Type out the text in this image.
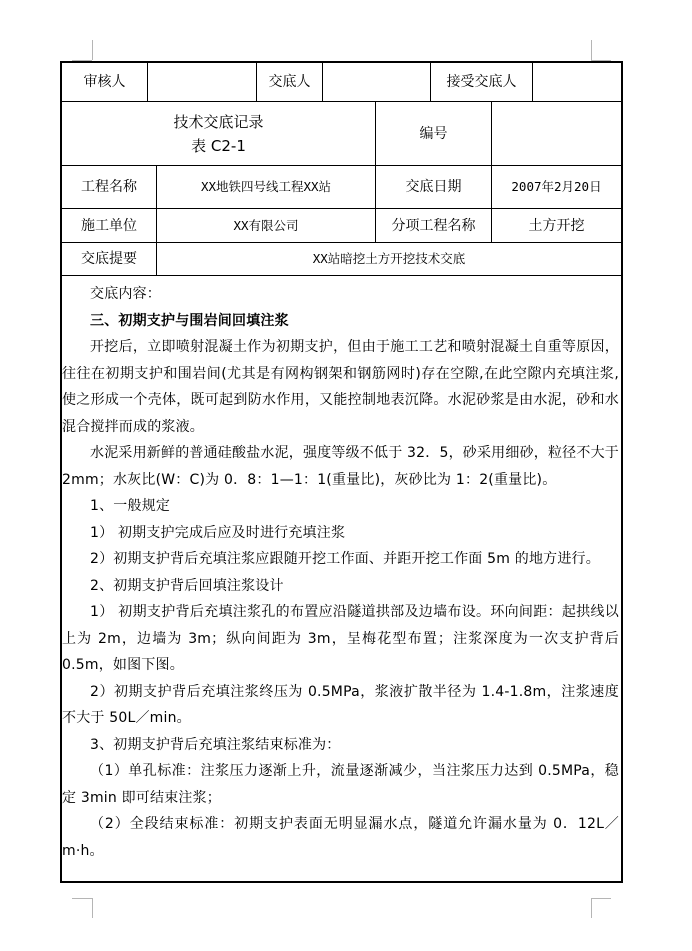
审核人	交底人	接受交底人
技术交底记录
表 C2-1
编号
工程名称	XX地铁四号线工程XX站	交底日期	2007年2月20日
施工单位	XX有限公司	分项工程名称	土方开挖
交底提要	XX站暗挖土方开挖技术交底

交底内容：

三、初期支护与围岩间回填注浆

开挖后，立即喷射混凝土作为初期支护，但由于施工工艺和喷射混凝土自重等原因，往往在初期支护和围岩间(尤其是有网构钢架和钢筋网时)存在空隙,在此空隙内充填注浆,使之形成一个壳体，既可起到防水作用，又能控制地表沉降。水泥砂浆是由水泥，砂和水混合搅拌而成的浆液。

水泥采用新鲜的普通硅酸盐水泥，强度等级不低于 32．5，砂采用细砂，粒径不大于 2mm；水灰比(W：C)为 0．8：1—1：1(重量比)，灰砂比为 1：2(重量比)。

1、一般规定

1） 初期支护完成后应及时进行充填注浆

2）初期支护背后充填注浆应跟随开挖工作面、并距开挖工作面 5m 的地方进行。

2、初期支护背后回填注浆设计

1） 初期支护背后充填注浆孔的布置应沿隧道拱部及边墙布设。环向间距：起拱线以上为 2m，边墙为 3m；纵向间距为 3m，呈梅花型布置；注浆深度为一次支护背后 0.5m，如图下图。

2）初期支护背后充填注浆终压为 0.5MPa，浆液扩散半径为 1.4-1.8m，注浆速度不大于 50L／min。

3、初期支护背后充填注浆结束标准为：

（1）单孔标准：注浆压力逐渐上升，流量逐渐减少，当注浆压力达到 0.5MPa，稳定 3min 即可结束注浆；

（2）全段结束标准：初期支护表面无明显漏水点，隧道允许漏水量为 0．12L／m·h。
